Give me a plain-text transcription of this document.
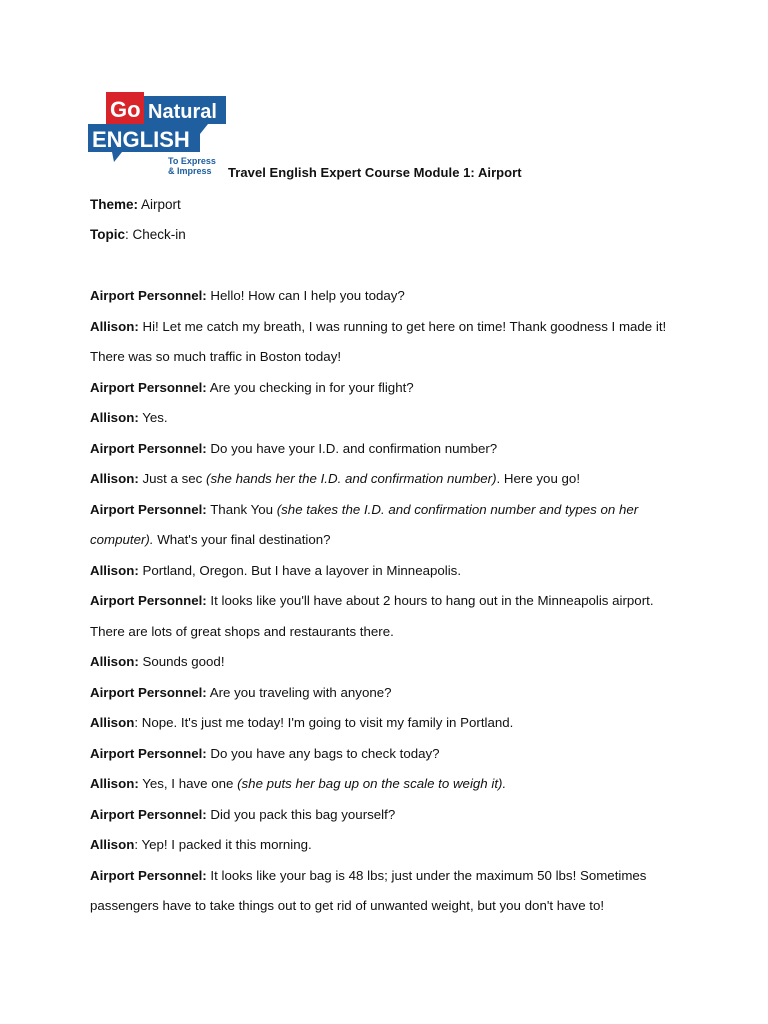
Go Natural
ENGLISH
To Express
& Impress Travel English Expert Course Module 1: Airport
Theme: Airport
Topic: Check-in

Airport Personnel: Hello! How can I help you today?

Allison: Hi! Let me catch my breath, I was running to get here on time! Thank goodness I made it! There was so much traffic in Boston today!

Airport Personnel: Are you checking in for your flight?

Allison: Yes.

Airport Personnel: Do you have your I.D. and confirmation number?

Allison: Just a sec (she hands her the I.D. and confirmation number). Here you go!

Airport Personnel: Thank You (she takes the I.D. and confirmation number and types on her computer). What's your final destination?

Allison: Portland, Oregon. But I have a layover in Minneapolis.

Airport Personnel: It looks like you'll have about 2 hours to hang out in the Minneapolis airport. There are lots of great shops and restaurants there.

Allison: Sounds good!

Airport Personnel: Are you traveling with anyone?

Allison: Nope. It's just me today! I'm going to visit my family in Portland.

Airport Personnel: Do you have any bags to check today?

Allison: Yes, I have one (she puts her bag up on the scale to weigh it).

Airport Personnel: Did you pack this bag yourself?

Allison: Yep! I packed it this morning.

Airport Personnel: It looks like your bag is 48 lbs; just under the maximum 50 lbs! Sometimes passengers have to take things out to get rid of unwanted weight, but you don't have to!
